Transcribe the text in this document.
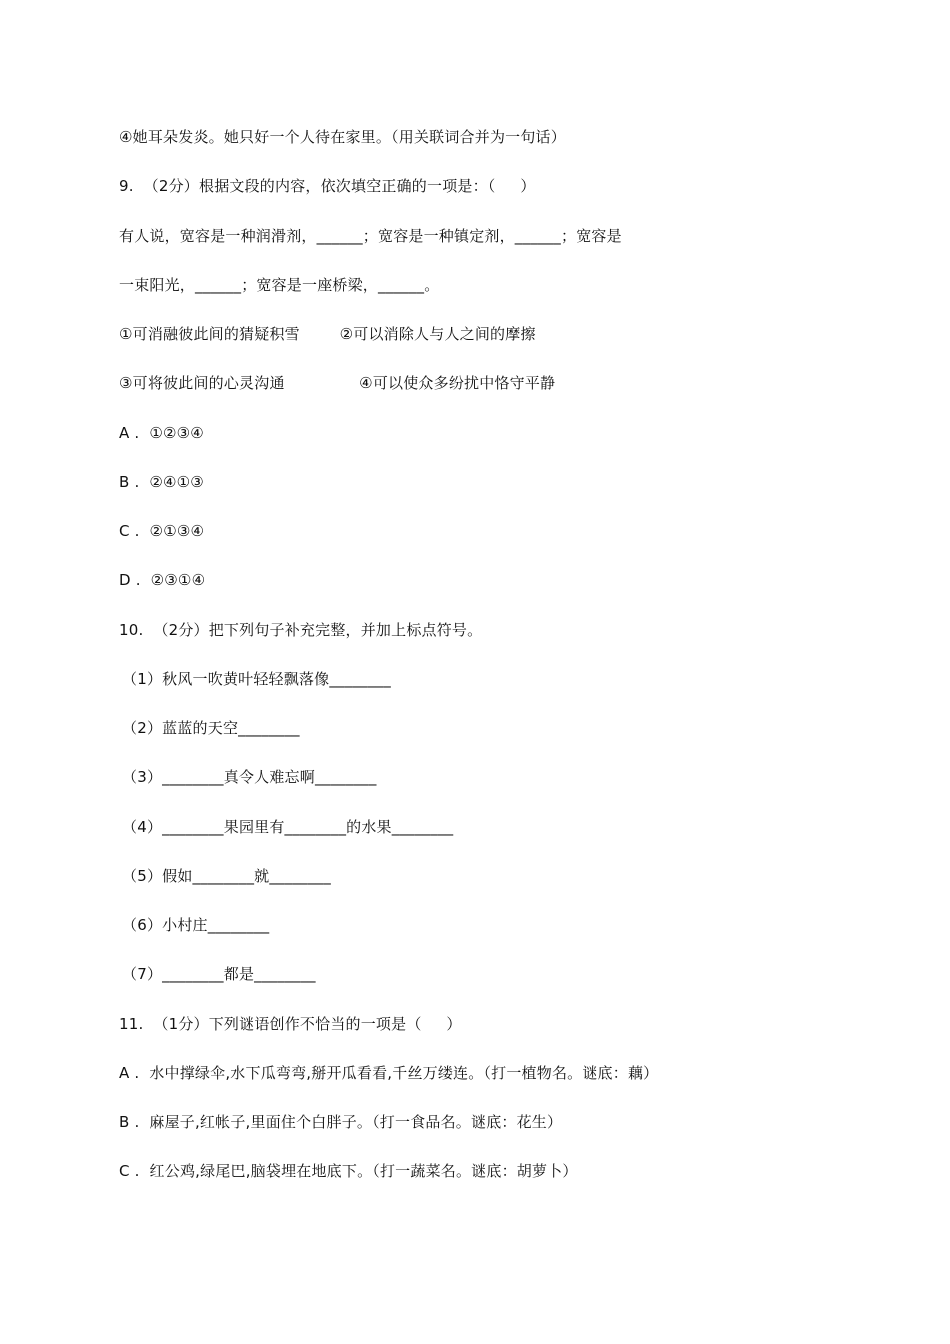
④她耳朵发炎。她只好一个人待在家里。（用关联词合并为一句话）
9.  （2分）根据文段的内容，依次填空正确的一项是：（     ）
有人说，宽容是一种润滑剂，______；宽容是一种镇定剂，______；宽容是
一束阳光，______；宽容是一座桥梁，______。
①可消融彼此间的猜疑积雪        ②可以消除人与人之间的摩擦
③可将彼此间的心灵沟通               ④可以使众多纷扰中恪守平静
A .  ①②③④
B .  ②④①③
C .  ②①③④
D .  ②③①④
10.  （2分）把下列句子补充完整，并加上标点符号。
（1）秋风一吹黄叶轻轻飘落像________
（2）蓝蓝的天空________
（3）________真令人难忘啊________
（4）________果园里有________的水果________
（5）假如________就________
（6）小村庄________
（7）________都是________
11.  （1分）下列谜语创作不恰当的一项是（     ）
A .  水中撑绿伞,水下瓜弯弯,掰开瓜看看,千丝万缕连。（打一植物名。谜底：藕）
B .  麻屋子,红帐子,里面住个白胖子。（打一食品名。谜底：花生）
C .  红公鸡,绿尾巴,脑袋埋在地底下。（打一蔬菜名。谜底：胡萝卜）
